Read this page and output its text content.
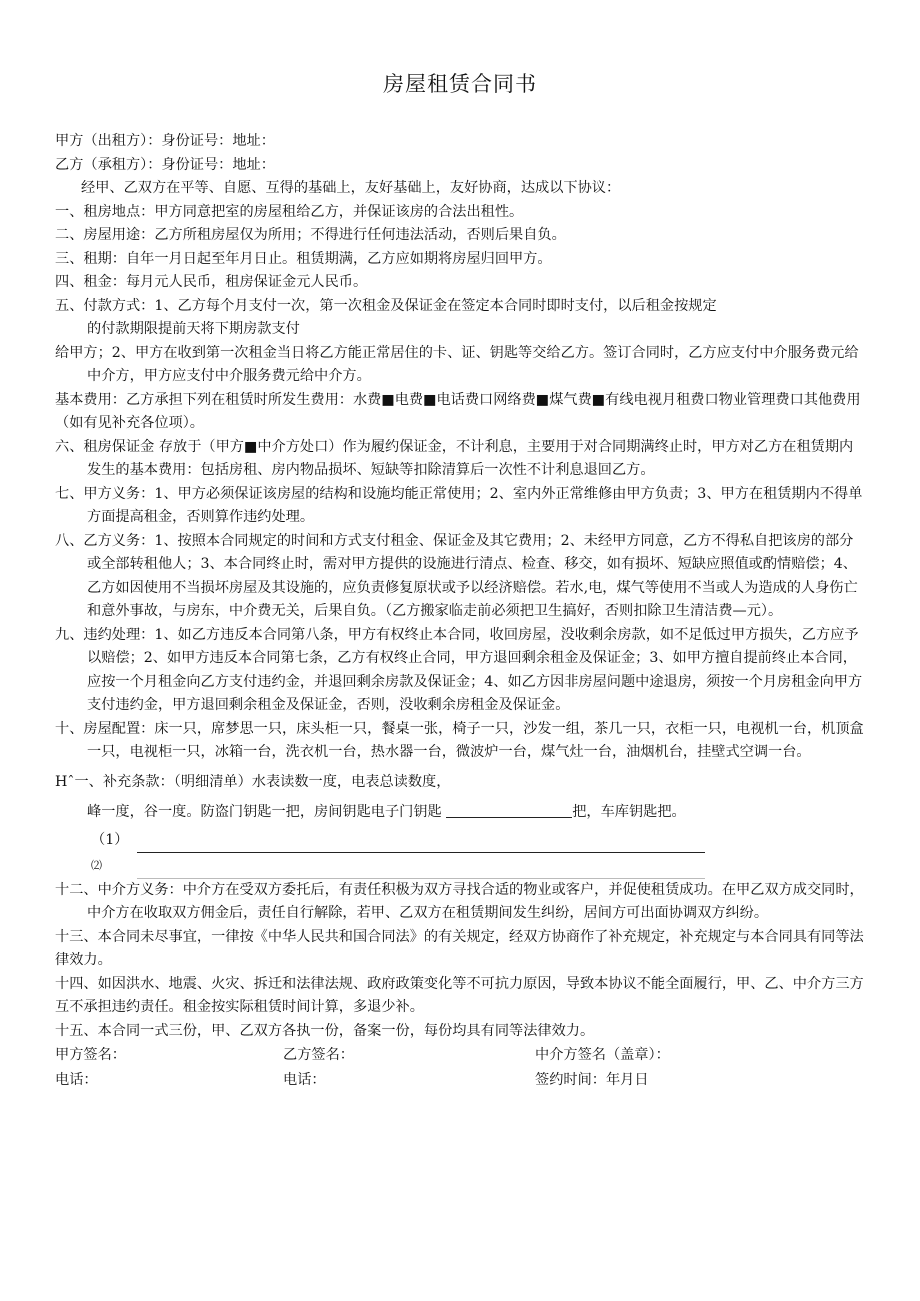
房屋租赁合同书

甲方（出租方）：身份证号：地址：

乙方（承租方）：身份证号：地址：

经甲、乙双方在平等、自愿、互得的基础上，友好基础上，友好协商，达成以下协议：

一、租房地点：甲方同意把室的房屋租给乙方，并保证该房的合法出租性。

二、房屋用途：乙方所租房屋仅为所用；不得进行任何违法活动，否则后果自负。

三、租期：自年一月日起至年月日止。租赁期满，乙方应如期将房屋归回甲方。

四、租金：每月元人民币，租房保证金元人民币。

五、付款方式：1、乙方每个月支付一次，第一次租金及保证金在签定本合同时即时支付，以后租金按规定

的付款期限提前天将下期房款支付

给甲方；2、甲方在收到第一次租金当日将乙方能正常居住的卡、证、钥匙等交给乙方。签订合同时，乙方应支付中介服务费元给中介方，甲方应支付中介服务费元给中介方。

基本费用：乙方承担下列在租赁时所发生费用：水费■电费■电话费口网络费■煤气费■有线电视月租费口物业管理费口其他费用（如有见补充各位项）。

六、租房保证金 存放于（甲方■中介方处口）作为履约保证金，不计利息，主要用于对合同期满终止时，甲方对乙方在租赁期内发生的基本费用：包括房租、房内物品损坏、短缺等扣除清算后一次性不计利息退回乙方。

七、甲方义务：1、甲方必须保证该房屋的结构和设施均能正常使用；2、室内外正常维修由甲方负责；3、甲方在租赁期内不得单方面提高租金，否则算作违约处理。

八、乙方义务：1、按照本合同规定的时间和方式支付租金、保证金及其它费用；2、未经甲方同意，乙方不得私自把该房的部分或全部转租他人；3、本合同终止时，需对甲方提供的设施进行清点、检查、移交，如有损坏、短缺应照值或酌情赔偿；4、乙方如因使用不当损坏房屋及其设施的，应负责修复原状或予以经济赔偿。若水,电，煤气等使用不当或人为造成的人身伤亡和意外事故，与房东，中介费无关，后果自负。（乙方搬家临走前必须把卫生搞好，否则扣除卫生清洁费—元）。

九、违约处理：1、如乙方违反本合同第八条，甲方有权终止本合同，收回房屋，没收剩余房款，如不足低过甲方损失，乙方应予以赔偿；2、如甲方违反本合同第七条，乙方有权终止合同，甲方退回剩余租金及保证金；3、如甲方擅自提前终止本合同，应按一个月租金向乙方支付违约金，并退回剩余房款及保证金；4、如乙方因非房屋问题中途退房，须按一个月房租金向甲方支付违约金，甲方退回剩余租金及保证金，否则，没收剩余房租金及保证金。

十、房屋配置：床一只，席梦思一只，床头柜一只，餐桌一张，椅子一只，沙发一组，茶几一只，衣柜一只，电视机一台，机顶盒一只，电视柜一只，冰箱一台，洗衣机一台，热水器一台，微波炉一台，煤气灶一台，油烟机台，挂壁式空调一台。

Hˆ一、补充条款：（明细清单）水表读数一度，电表总读数度，

峰一度，谷一度。防盗门钥匙一把，房间钥匙电子门钥匙	把，车库钥匙把。

（1）
⑵

十二、中介方义务：中介方在受双方委托后，有责任积极为双方寻找合适的物业或客户，并促使租赁成功。在甲乙双方成交同时，中介方在收取双方佣金后，责任自行解除，若甲、乙双方在租赁期间发生纠纷，居间方可出面协调双方纠纷。

十三、本合同未尽事宜，一律按《中华人民共和国合同法》的有关规定，经双方协商作了补充规定，补充规定与本合同具有同等法律效力。

十四、如因洪水、地震、火灾、拆迁和法律法规、政府政策变化等不可抗力原因，导致本协议不能全面履行，甲、乙、中介方三方互不承担违约责任。租金按实际租赁时间计算，多退少补。

十五、本合同一式三份，甲、乙双方各执一份，备案一份，每份均具有同等法律效力。

甲方签名：	乙方签名：	中介方签名（盖章）：
电话：	电话：	签约时间：年月日
